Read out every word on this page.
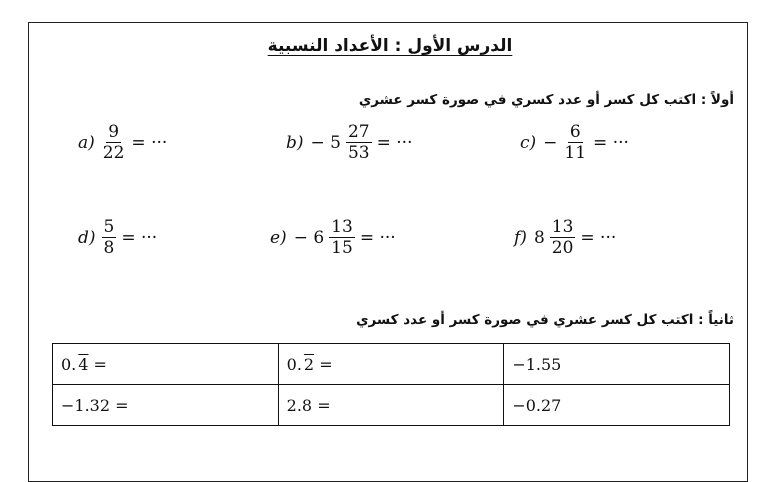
الدرس الأول : الأعداد النسبية
أولاً : اكتب كل كسر أو عدد كسري في صورة كسر عشري
$a) \frac{9}{22}$ = ···	$b) - 5 \frac{27}{53}$ = ···	$c) - \frac{6}{11}$ = ···
$d) \frac{5}{8}$ = ···	$e) - 6 \frac{13}{15}$ = ···	f) $8 \frac{13}{20}$ = ···
ثانياً : اكتب كل كسر عشري في صورة كسر أو عدد كسري
0. 4 =	0. 2 =	−1.55
−1.32 =	2.8 =	−0.27
